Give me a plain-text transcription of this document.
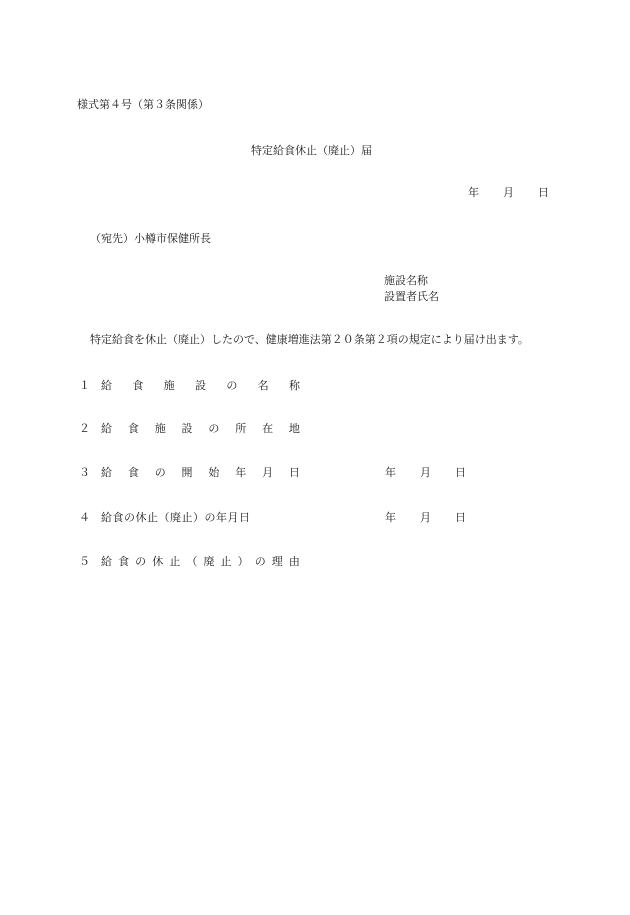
様式第４号（第３条関係）
特定給食休止（廃止）届
年 月 日
（宛先）小樽市保健所長
施設名称
設置者氏名
特定給食を休止（廃止）したので、健康増進法第２０条第２項の規定により届け出ます。
１ 給 食 施 設 の 名 称
２ 給 食 施 設 の 所 在 地
３ 給 食 の 開 始 年 月 日	年 月 日
４ 給食の休止（廃止）の年月日	年 月 日
５ 給 食 の 休 止 （ 廃 止 ） の 理 由
